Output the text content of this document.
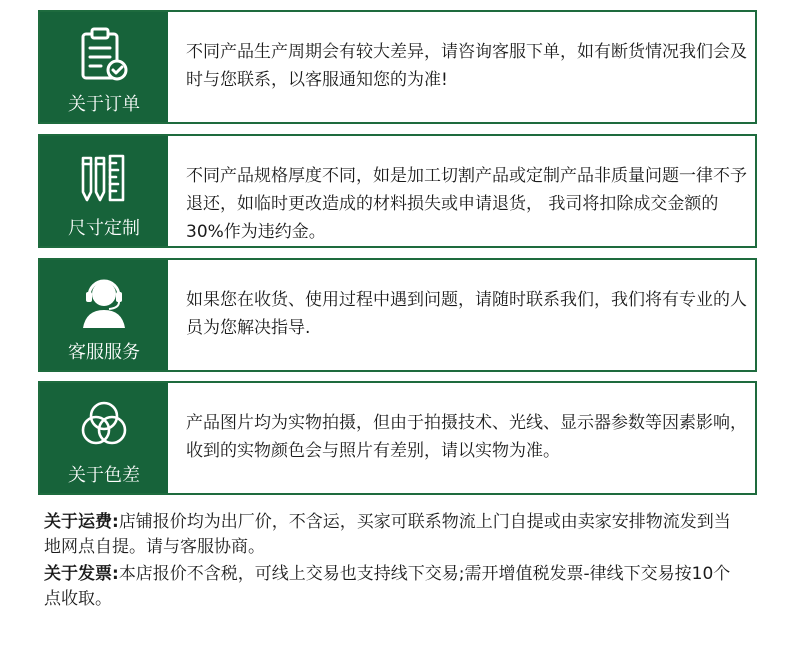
关于订单
不同产品生产周期会有较大差异，请咨询客服下单，如有断货情况我们会及时与您联系，以客服通知您的为准!
尺寸定制
不同产品规格厚度不同，如是加工切割产品或定制产品非质量问题一律不予退还，如临时更改造成的材料损失或申请退货， 我司将扣除成交金额的30%作为违约金。
客服服务
如果您在收货、使用过程中遇到问题，请随时联系我们，我们将有专业的人员为您解决指导.
关于色差
产品图片均为实物拍摄，但由于拍摄技术、光线、显示器参数等因素影响，收到的实物颜色会与照片有差别，请以实物为准。

关于运费:店铺报价均为出厂价，不含运，买家可联系物流上门自提或由卖家安排物流发到当地网点自提。请与客服协商。

关于发票:本店报价不含税，可线上交易也支持线下交易;需开增值税发票-律线下交易按10个点收取。
